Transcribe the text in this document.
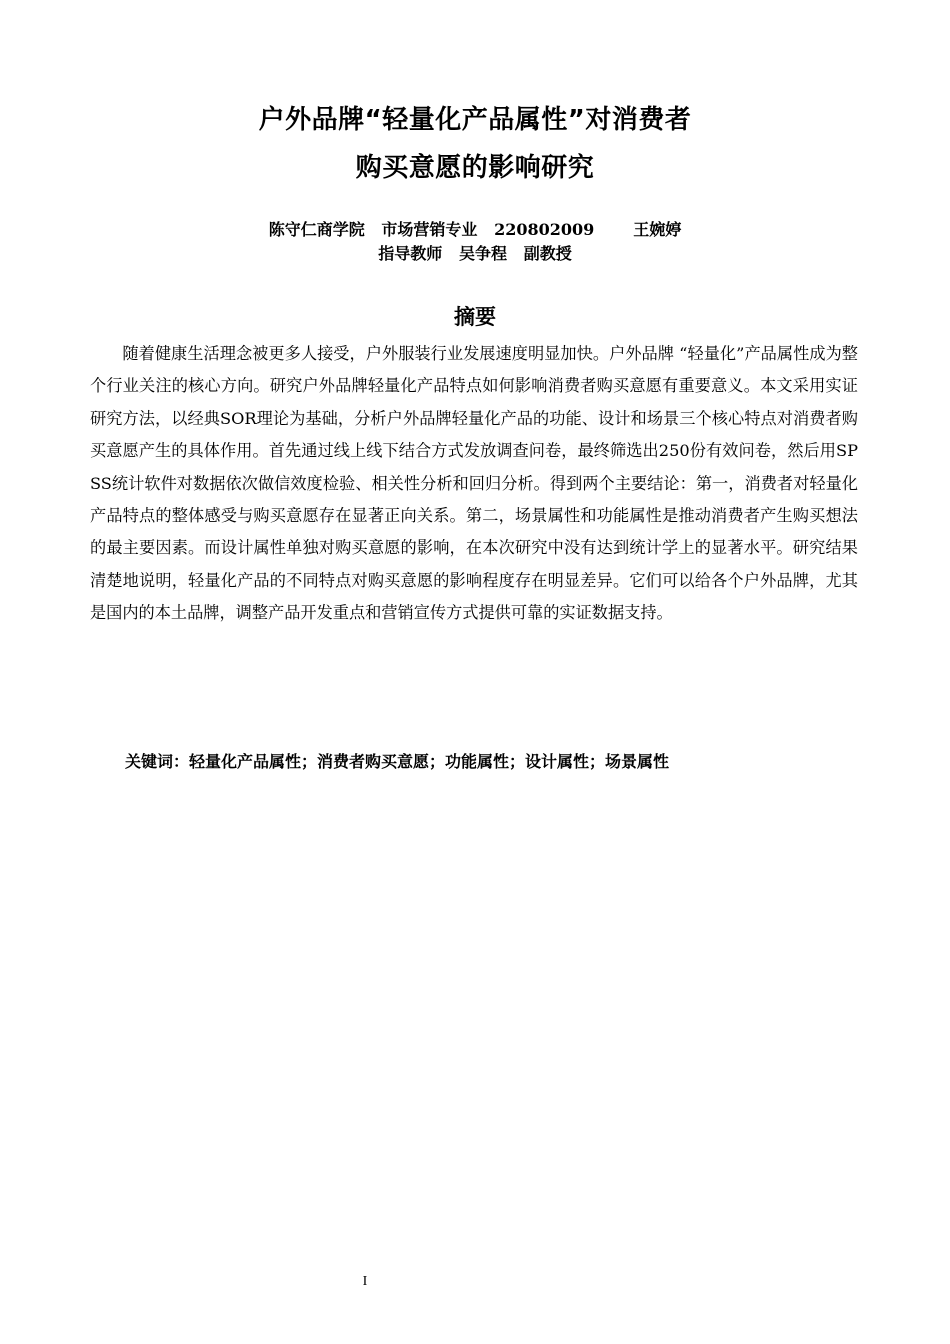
户外品牌“轻量化产品属性”对消费者
购买意愿的影响研究
陈守仁商学院   市场营销专业   220802009       王婉婷
指导教师   吴争程   副教授
摘要

随着健康生活理念被更多人接受，户外服装行业发展速度明显加快。户外品牌 “轻量化”产品属性成为整个行业关注的核心方向。研究户外品牌轻量化产品特点如何影响消费者购买意愿有重要意义。本文采用实证研究方法，以经典SOR理论为基础，分析户外品牌轻量化产品的功能、设计和场景三个核心特点对消费者购买意愿产生的具体作用。首先通过线上线下结合方式发放调查问卷，最终筛选出250份有效问卷，然后用SPSS统计软件对数据依次做信效度检验、相关性分析和回归分析。得到两个主要结论：第一，消费者对轻量化产品特点的整体感受与购买意愿存在显著正向关系。第二，场景属性和功能属性是推动消费者产生购买想法的最主要因素。而设计属性单独对购买意愿的影响，在本次研究中没有达到统计学上的显著水平。研究结果清楚地说明，轻量化产品的不同特点对购买意愿的影响程度存在明显差异。它们可以给各个户外品牌，尤其是国内的本土品牌，调整产品开发重点和营销宣传方式提供可靠的实证数据支持。

关键词：轻量化产品属性；消费者购买意愿；功能属性；设计属性；场景属性
I
